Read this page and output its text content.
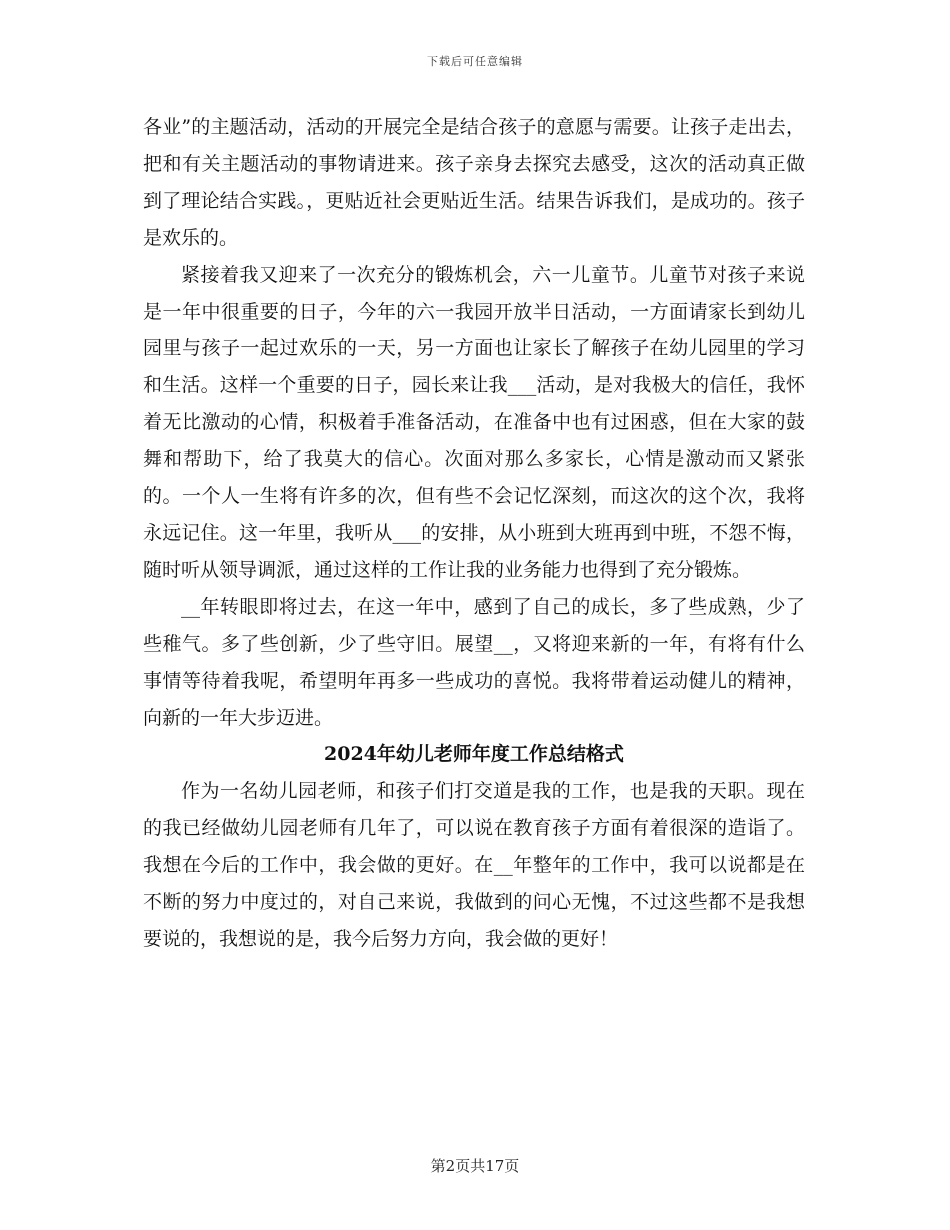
下载后可任意编辑

各业”的主题活动，活动的开展完全是结合孩子的意愿与需要。让孩子走出去，把和有关主题活动的事物请进来。孩子亲身去探究去感受，这次的活动真正做到了理论结合实践。，更贴近社会更贴近生活。结果告诉我们，是成功的。孩子是欢乐的。

紧接着我又迎来了一次充分的锻炼机会，六一儿童节。儿童节对孩子来说是一年中很重要的日子，今年的六一我园开放半日活动，一方面请家长到幼儿园里与孩子一起过欢乐的一天，另一方面也让家长了解孩子在幼儿园里的学习和生活。这样一个重要的日子，园长来让我___活动，是对我极大的信任，我怀着无比激动的心情，积极着手准备活动，在准备中也有过困惑，但在大家的鼓舞和帮助下，给了我莫大的信心。次面对那么多家长，心情是激动而又紧张的。一个人一生将有许多的次，但有些不会记忆深刻，而这次的这个次，我将永远记住。这一年里，我听从___的安排，从小班到大班再到中班，不怨不悔，随时听从领导调派，通过这样的工作让我的业务能力也得到了充分锻炼。

__年转眼即将过去，在这一年中，感到了自己的成长，多了些成熟，少了些稚气。多了些创新，少了些守旧。展望__，又将迎来新的一年，有将有什么事情等待着我呢，希望明年再多一些成功的喜悦。我将带着运动健儿的精神，向新的一年大步迈进。

2024年幼儿老师年度工作总结格式

作为一名幼儿园老师，和孩子们打交道是我的工作，也是我的天职。现在的我已经做幼儿园老师有几年了，可以说在教育孩子方面有着很深的造诣了。我想在今后的工作中，我会做的更好。在__年整年的工作中，我可以说都是在不断的努力中度过的，对自己来说，我做到的问心无愧，不过这些都不是我想要说的，我想说的是，我今后努力方向，我会做的更好！

第2页共17页
